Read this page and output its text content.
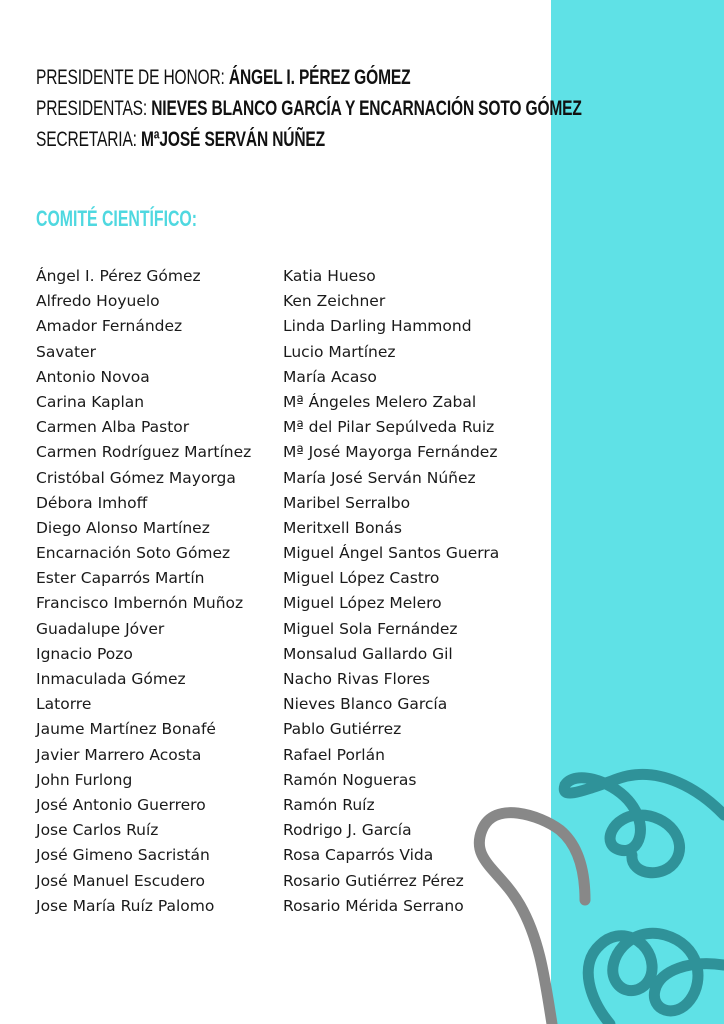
PRESIDENTE DE HONOR: ÁNGEL I. PÉREZ GÓMEZ
PRESIDENTAS: NIEVES BLANCO GARCÍA Y ENCARNACIÓN SOTO GÓMEZ
SECRETARIA: MªJOSÉ SERVÁN NÚÑEZ
COMITÉ CIENTÍFICO:
Ángel I. Pérez Gómez
Alfredo Hoyuelo
Amador Fernández
Savater
Antonio Novoa
Carina Kaplan
Carmen Alba Pastor
Carmen Rodríguez Martínez
Cristóbal Gómez Mayorga
Débora Imhoff
Diego Alonso Martínez
Encarnación Soto Gómez
Ester Caparrós Martín
Francisco Imbernón Muñoz
Guadalupe Jóver
Ignacio Pozo
Inmaculada Gómez
Latorre
Jaume Martínez Bonafé
Javier Marrero Acosta
John Furlong
José Antonio Guerrero
Jose Carlos Ruíz
José Gimeno Sacristán
José Manuel Escudero
Jose María Ruíz Palomo
Katia Hueso
Ken Zeichner
Linda Darling Hammond
Lucio Martínez
María Acaso
Mª Ángeles Melero Zabal
Mª del Pilar Sepúlveda Ruiz
Mª José Mayorga Fernández
María José Serván Núñez
Maribel Serralbo
Meritxell Bonás
Miguel Ángel Santos Guerra
Miguel López Castro
Miguel López Melero
Miguel Sola Fernández
Monsalud Gallardo Gil
Nacho Rivas Flores
Nieves Blanco García
Pablo Gutiérrez
Rafael Porlán
Ramón Nogueras
Ramón Ruíz
Rodrigo J. García
Rosa Caparrós Vida
Rosario Gutiérrez Pérez
Rosario Mérida Serrano
